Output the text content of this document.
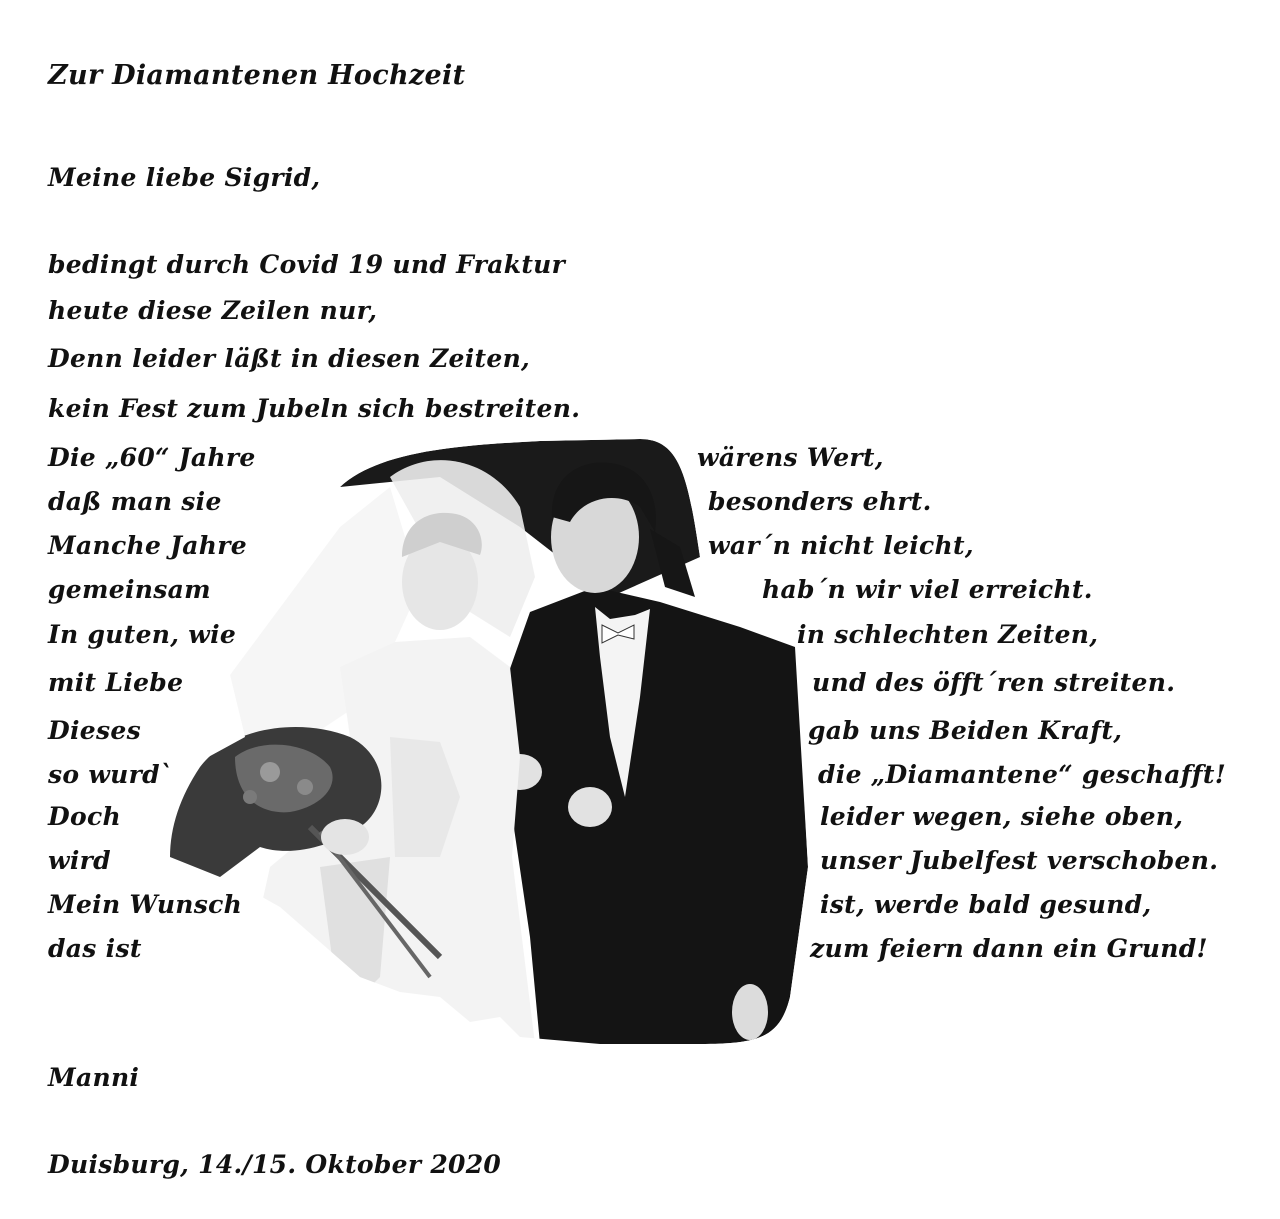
Zur Diamantenen Hochzeit
Meine liebe Sigrid,
bedingt durch Covid 19 und Fraktur
heute diese Zeilen nur,
Denn leider läßt in diesen Zeiten,
kein Fest zum Jubeln sich bestreiten.
Die „60“ Jahre
daß man sie
Manche Jahre
gemeinsam
In guten, wie
mit Liebe
Dieses
so wurd`
Doch
wird
Mein Wunsch
das ist
wärens Wert,
besonders ehrt.
war´n nicht leicht,
hab´n wir viel erreicht.
in schlechten Zeiten,
und des öfft´ren streiten.
gab uns Beiden Kraft,
die „Diamantene“ geschafft!
leider wegen, siehe oben,
unser Jubelfest verschoben.
ist, werde bald gesund,
zum feiern dann ein Grund!
Manni
Duisburg, 14./15. Oktober 2020
